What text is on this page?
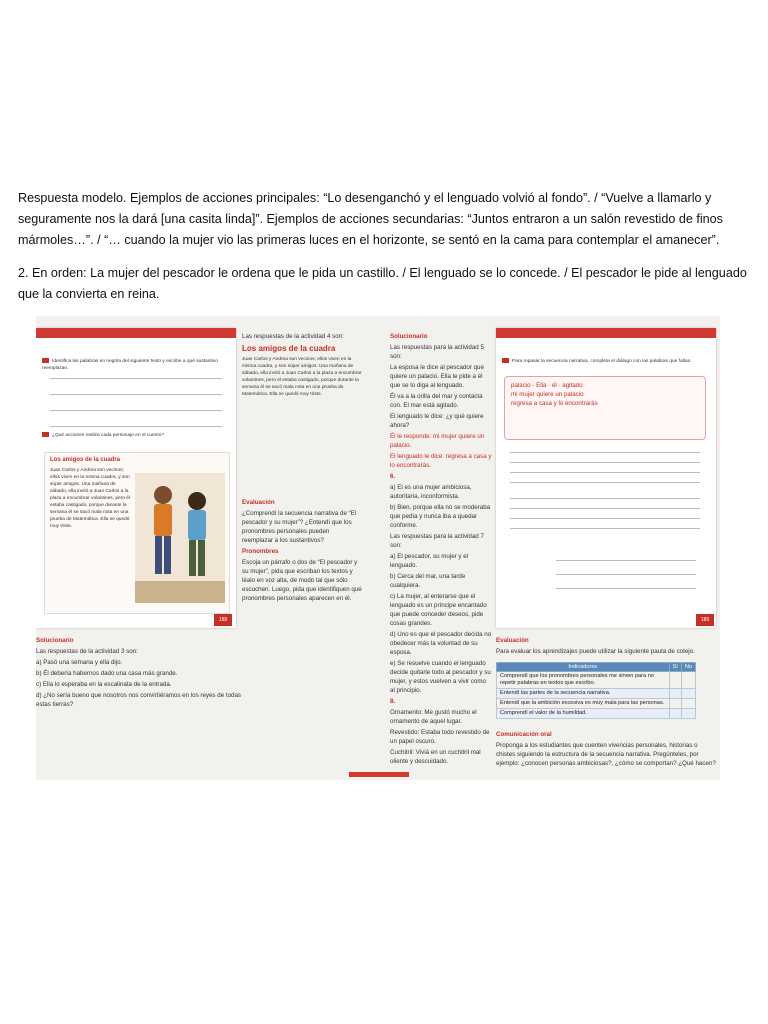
Respuesta modelo. Ejemplos de acciones principales: “Lo desenganchó y el lenguado volvió al fondo”. / “Vuelve a llamarlo y seguramente nos la dará [una casita linda]”. Ejemplos de acciones secundarias: “Juntos entraron a un salón revestido de finos mármoles…”. / “… cuando la mujer vio las primeras luces en el horizonte, se sentó en la cama para contemplar el amanecer”.
2. En orden: La mujer del pescador le ordena que le pida un castillo. / El lenguado se lo concede. / El pescador le pide al lenguado que la convierta en reina.
Identifica las palabras en negrita del siguiente texto y escribe a qué sustantivo reemplazan.
¿Qué acciones realiza cada personaje en el cuento?
Los amigos de la cuadra
Juan Carlos y Andrea son vecinos; ellos viven en la misma cuadra, y son súper amigos. Una mañana de sábado, ella invitó a Juan Carlos a la plaza a encumbrar volantines, pero él estaba castigado, porque durante la semana él se sacó mala nota en una prueba de Matemática. Ella se quedó muy triste.
188

Solucionario

Las respuestas de la actividad 3 son:

a) Pasó una semana y ella dijo.

b) Él debería habernos dado una casa más grande.

c) Ella lo esperaba en la escalinata de la entrada.

d) ¿No sería bueno que nosotros nos convirtiéramos en los reyes de todas estas tierras?

Las respuestas de la actividad 4 son:

Los amigos de la cuadra

Juan Carlos y Andrea son vecinos; ellos viven en la misma cuadra, y son súper amigos. Una mañana de sábado, ella invitó a Juan Carlos a la plaza a encumbrar volantines, pero él estaba castigado, porque durante la semana él se sacó mala nota en una prueba de Matemática. Ella se quedó muy triste.

Evaluación

¿Comprendí la secuencia narrativa de “El pescador y su mujer”? ¿Entendí que los pronombres personales pueden reemplazar a los sustantivos?

Pronombres

Escoja un párrafo o dos de “El pescador y su mujer”, pida que escriban los textos y léalo en voz alta, de modo tal que sólo escuchen. Luego, pida que identifiquen qué pronombres personales aparecen en él.

Solucionario

Las respuestas para la actividad 5 son:

La esposa le dice al pescador que quiere un palacio. Ella le pide a él que se lo diga al lenguado.

Él va a la orilla del mar y contacta con. El mar está agitado.

El lenguado le dice: ¿y qué quiere ahora?

Él le responde: mi mujer quiere un palacio.

El lenguado le dice: regresa a casa y lo encontrarás.

6.

a) El es una mujer ambiciosa, autoritaria, inconformista.

b) Bien, porque ella no se moderaba que pedía y nunca iba a quedar conforme.

Las respuestas para la actividad 7 son:

a) El pescador, su mujer y el lenguado.

b) Cerca del mar, una tarde cualquiera.

c) La mujer, al enterarse que el lenguado es un príncipe encantado que puede conceder deseos, pide cosas grandes.

d) Uno es que el pescador decida no obedecer más la voluntad de su esposa.

e) Se resuelve cuando el lenguado decide quitarle todo al pescador y su mujer, y estos vuelven a vivir como al principio.

8.

Ornamento: Me gustó mucho el ornamento de aquel lugar.

Revestido: Estaba todo revestido de un papel oscuro.

Cuchitril: Viviá en un cuchitril mal oliente y descuidado.

Para repasar la secuencia narrativa, completa el diálogo con las palabras que faltan.
palacio · Ella · él · agitado
mi mujer quiere un palacio
regresa a casa y lo encontrarás
189

Evaluación

Para evaluar los aprendizajes puede utilizar la siguiente pauta de cotejo.

Indicadores	Sí	No
Comprendí que los pronombres personales me sirven para no repetir palabras en textos que escribo.		
Entendí las partes de la secuencia narrativa.		
Entendí que la ambición excesiva es muy mala para las personas.		
Comprendí el valor de la humildad.		

Comunicación oral

Proponga a los estudiantes que cuenten vivencias personales, historias o chistes siguiendo la estructura de la secuencia narrativa. Pregúnteles, por ejemplo: ¿conocen personas ambiciosas?, ¿cómo se comportan? ¿Qué hacen?
